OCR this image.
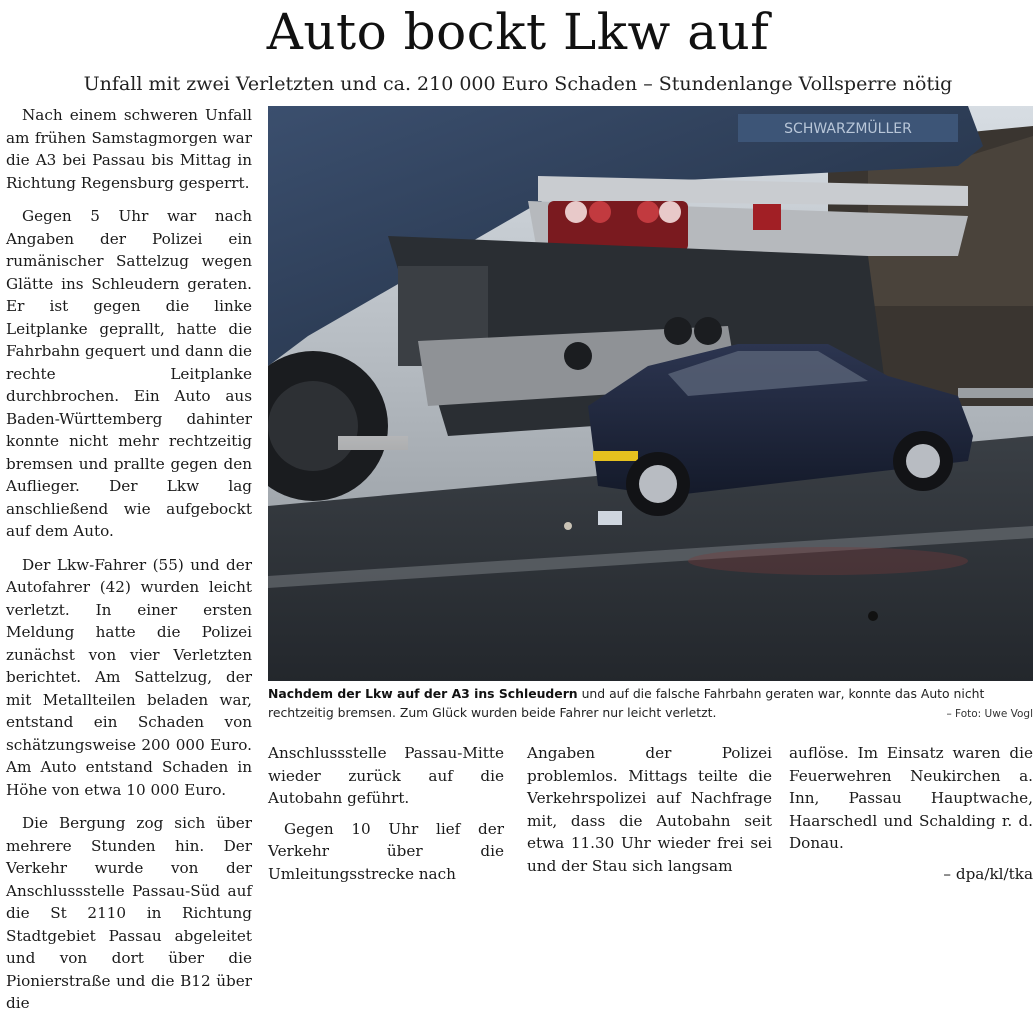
Auto bockt Lkw auf
Unfall mit zwei Verletzten und ca. 210 000 Euro Schaden – Stundenlange Vollsperre nötig

Nach einem schweren Unfall am frühen Samstagmorgen war die A3 bei Passau bis Mittag in Richtung Regensburg gesperrt.

Gegen 5 Uhr war nach Angaben der Polizei ein rumänischer Sattelzug wegen Glätte ins Schleudern geraten. Er ist gegen die linke Leitplanke geprallt, hatte die Fahrbahn gequert und dann die rechte Leitplanke durchbrochen. Ein Auto aus Baden-Württemberg dahinter konnte nicht mehr rechtzeitig bremsen und prallte gegen den Auflieger. Der Lkw lag anschließend wie aufgebockt auf dem Auto.

Der Lkw-Fahrer (55) und der Autofahrer (42) wurden leicht verletzt. In einer ersten Meldung hatte die Polizei zunächst von vier Verletzten berichtet. Am Sattelzug, der mit Metallteilen beladen war, entstand ein Schaden von schätzungsweise 200 000 Euro. Am Auto entstand Schaden in Höhe von etwa 10 000 Euro.

Die Bergung zog sich über mehrere Stunden hin. Der Verkehr wurde von der Anschlussstelle Passau-Süd auf die St 2110 in Richtung Stadtgebiet Passau abgeleitet und von dort über die Pionierstraße und die B12 über die

SCHWARZMÜLLER
Nachdem der Lkw auf der A3 ins Schleudern und auf die falsche Fahrbahn geraten war, konnte das Auto nicht rechtzeitig bremsen. Zum Glück wurden beide Fahrer nur leicht verletzt.	– Foto: Uwe Vogl

Anschlussstelle Passau-Mitte wieder zurück auf die Autobahn geführt.

Gegen 10 Uhr lief der Verkehr über die Umleitungsstrecke nach

Angaben der Polizei problemlos. Mittags teilte die Verkehrspolizei auf Nachfrage mit, dass die Autobahn seit etwa 11.30 Uhr wieder frei sei und der Stau sich langsam

auflöse. Im Einsatz waren die Feuerwehren Neukirchen a. Inn, Passau Hauptwache, Haarschedl und Schalding r. d. Donau.

– dpa/kl/tka
